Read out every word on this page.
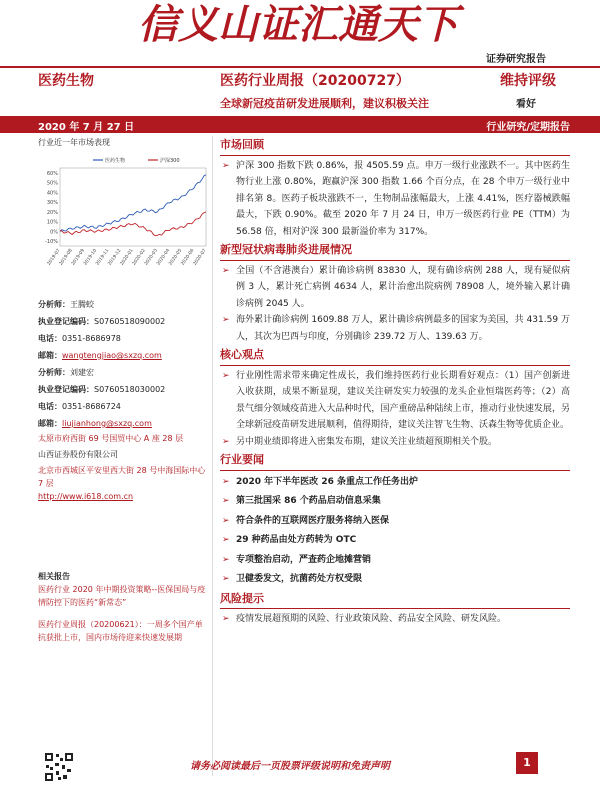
信义山证汇通天下
证券研究报告
医药生物	医药行业周报（20200727）	维持评级
全球新冠疫苗研发进展顺利，建议积极关注	看好
2020 年 7 月 27 日	行业研究/定期报告
行业近一年市场表现
60%
50%
40%
30%
20%
10%
0%
-10%
2019-07
2019-08
2019-09
2019-10
2019-11
2019-12
2020-01
2020-02
2020-03
2020-04
2020-05
2020-06
2020-07
医药生物	沪深300
分析师：王腾蛟
执业登记编码：S0760518090002
电话：0351-8686978
邮箱：wangtengjiao@sxzq.com
分析师：刘建宏
执业登记编码：S0760518030002
电话：0351-8686724
邮箱：liujianhong@sxzq.com
太原市府西街 69 号国贸中心 A 座 28 层
山西证券股份有限公司
北京市西城区平安里西大街 28 号中海国际中心 7 层
http://www.i618.com.cn
相关报告
医药行业 2020 年中期投资策略--医保国局与疫情防控下的医药“新常态”
医药行业周报（20200621）：一周多个国产单抗获批上市，国内市场待迎来快速发展期
市场回顾
➢ 沪深 300 指数下跌 0.86%，报 4505.59 点。申万一级行业涨跌不一。其中医药生物行业上涨 0.80%，跑赢沪深 300 指数 1.66 个百分点，在 28 个申万一级行业中排名第 8。医药子板块涨跌不一，生物制品涨幅最大，上涨 4.41%，医疗器械跌幅最大，下跌 0.90%。截至 2020 年 7 月 24 日，申万一级医药行业 PE（TTM）为 56.58 倍，相对沪深 300 最新溢价率为 317%。
新型冠状病毒肺炎进展情况
➢ 全国（不含港澳台）累计确诊病例 83830 人，现有确诊病例 288 人，现有疑似病例 3 人，累计死亡病例 4634 人，累计治愈出院病例 78908 人，境外输入累计确诊病例 2045 人。
➢ 海外累计确诊病例 1609.88 万人，累计确诊病例最多的国家为美国，共 431.59 万人，其次为巴西与印度，分别确诊 239.72 万人、139.63 万。
核心观点
➢ 行业刚性需求带来确定性成长，我们维持医药行业长期看好观点：（1）国产创新进入收获期，成果不断显现，建议关注研发实力较强的龙头企业恒瑞医药等；（2）高景气细分领域疫苗进入大品种时代，国产重磅品种陆续上市，推动行业快速发展，另全球新冠疫苗研发进展顺利，值得期待，建议关注智飞生物、沃森生物等优质企业。
➢ 另中期业绩即将进入密集发布期，建议关注业绩超预期相关个股。
行业要闻
➢ 2020 年下半年医改 26 条重点工作任务出炉
➢ 第三批国采 86 个药品启动信息采集
➢ 符合条件的互联网医疗服务将纳入医保
➢ 29 种药品由处方药转为 OTC
➢ 专项整治启动，严查药企地摊营销
➢ 卫健委发文，抗菌药处方权受限
风险提示
➢ 疫情发展超预期的风险、行业政策风险、药品安全风险、研发风险。
请务必阅读最后一页股票评级说明和免责声明	1
